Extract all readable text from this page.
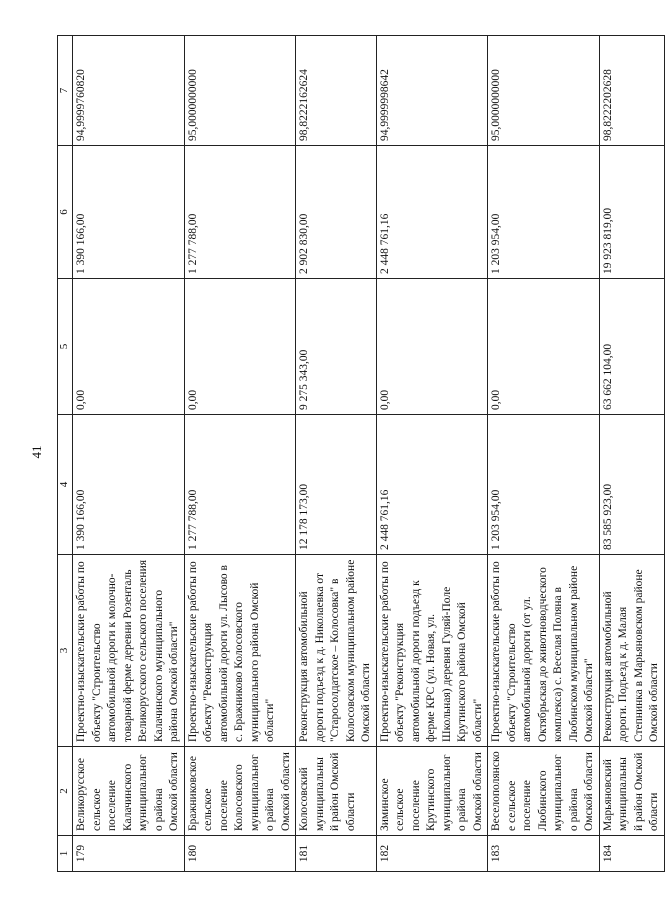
41
1	2	3	4	5	6	7
179	Великорусское сельское поселение Калачинского муниципального района Омской области	Проектно-изыскательские работы по объекту "Строительство автомобильной дороги к молочно-товарной ферме деревни Розенталь Великорусского сельского поселения Калачинского муниципального района Омской области"	1 390 166,00	0,00	1 390 166,00	94,9999760820
180	Бражниковское сельское поселение Колосовского муниципального района Омской области	Проектно-изыскательские работы по объекту "Реконструкция автомобильной дороги ул. Лысово в с. Бражниково Колосовского муниципального района Омской области"	1 277 788,00	0,00	1 277 788,00	95,0000000000
181	Колосовский муниципальный район Омской области	Реконструкция автомобильной дороги подъезд к д. Николаевка от "Старосолдатское – Колосовка" в Колосовском муниципальном районе Омской области	12 178 173,00	9 275 343,00	2 902 830,00	98,8222162624
182	Зиминское сельское поселение Крутинского муниципального района Омской области	Проектно-изыскательские работы по объекту "Реконструкция автомобильной дороги подъезд к ферме КРС (ул. Новая, ул. Школьная) деревня Гуляй-Поле Крутинского района Омской области"	2 448 761,16	0,00	2 448 761,16	94,9999998642
183	Веселополянское сельское поселение Любинского муниципального района Омской области	Проектно-изыскательские работы по объекту "Строительство автомобильной дороги (от ул. Октябрьская до животноводческого комплекса) с. Веселая Поляна в Любинском муниципальном районе Омской области"	1 203 954,00	0,00	1 203 954,00	95,0000000000
184	Марьяновский муниципальный район Омской области	Реконструкция автомобильной дороги. Подъезд к д. Малая Степнинка в Марьяновском районе Омской области	83 585 923,00	63 662 104,00	19 923 819,00	98,8222202628
